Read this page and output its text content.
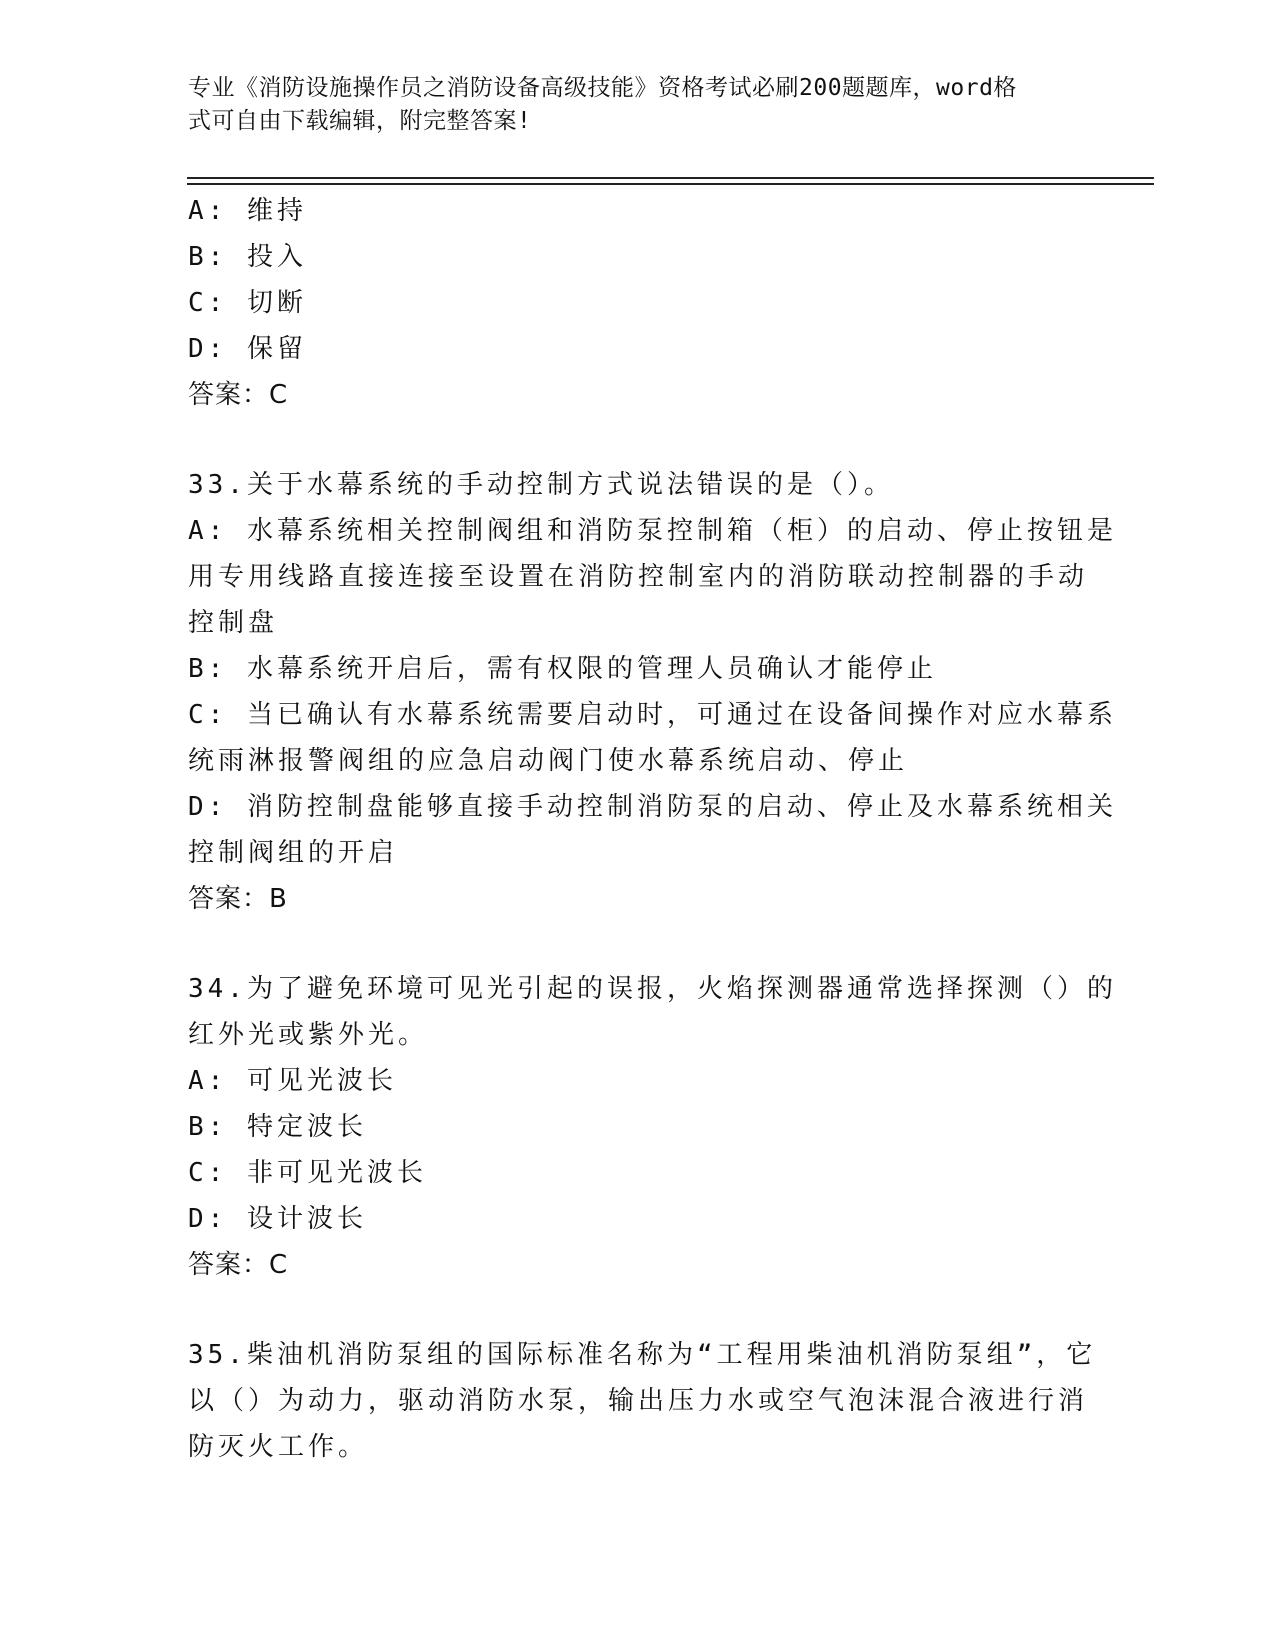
专业《消防设施操作员之消防设备高级技能》资格考试必刷200题题库，word格
式可自由下载编辑，附完整答案!
A: 维持
B: 投入
C: 切断
D: 保留
答案：C
33.关于水幕系统的手动控制方式说法错误的是（）。
A: 水幕系统相关控制阀组和消防泵控制箱（柜）的启动、停止按钮是
用专用线路直接连接至设置在消防控制室内的消防联动控制器的手动
控制盘
B: 水幕系统开启后，需有权限的管理人员确认才能停止
C: 当已确认有水幕系统需要启动时，可通过在设备间操作对应水幕系
统雨淋报警阀组的应急启动阀门使水幕系统启动、停止
D: 消防控制盘能够直接手动控制消防泵的启动、停止及水幕系统相关
控制阀组的开启
答案：B
34.为了避免环境可见光引起的误报，火焰探测器通常选择探测（）的
红外光或紫外光。
A: 可见光波长
B: 特定波长
C: 非可见光波长
D: 设计波长
答案：C
35.柴油机消防泵组的国际标准名称为“工程用柴油机消防泵组”，它
以（）为动力，驱动消防水泵，输出压力水或空气泡沫混合液进行消
防灭火工作。
